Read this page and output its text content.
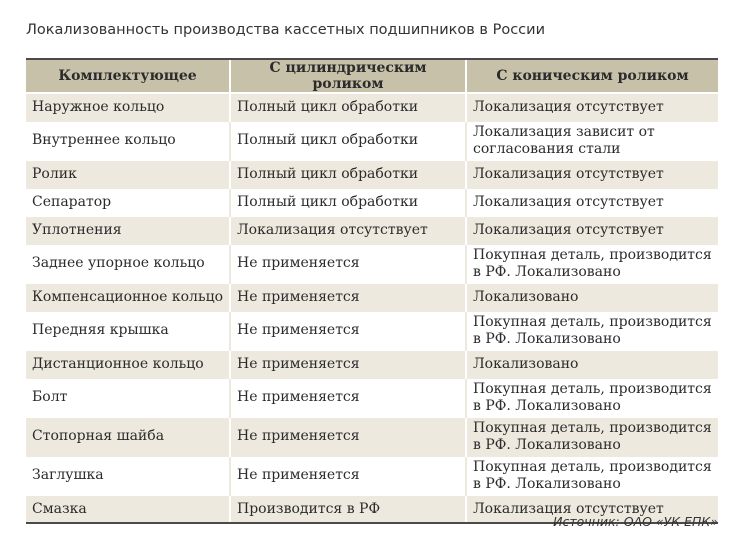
Локализованность производства кассетных подшипников в России
Комплектующее	С цилиндрическим роликом	С коническим роликом
Наружное кольцо	Полный цикл обработки	Локализация отсутствует
Внутреннее кольцо	Полный цикл обработки	Локализация зависит от согласования стали
Ролик	Полный цикл обработки	Локализация отсутствует
Сепаратор	Полный цикл обработки	Локализация отсутствует
Уплотнения	Локализация отсутствует	Локализация отсутствует
Заднее упорное кольцо	Не применяется	Покупная деталь, производится в РФ. Локализовано
Компенсационное кольцо	Не применяется	Локализовано
Передняя крышка	Не применяется	Покупная деталь, производится в РФ. Локализовано
Дистанционное кольцо	Не применяется	Локализовано
Болт	Не применяется	Покупная деталь, производится в РФ. Локализовано
Стопорная шайба	Не применяется	Покупная деталь, производится в РФ. Локализовано
Заглушка	Не применяется	Покупная деталь, производится в РФ. Локализовано
Смазка	Производится в РФ	Локализация отсутствует
Источник: ОАО «УК ЕПК»
